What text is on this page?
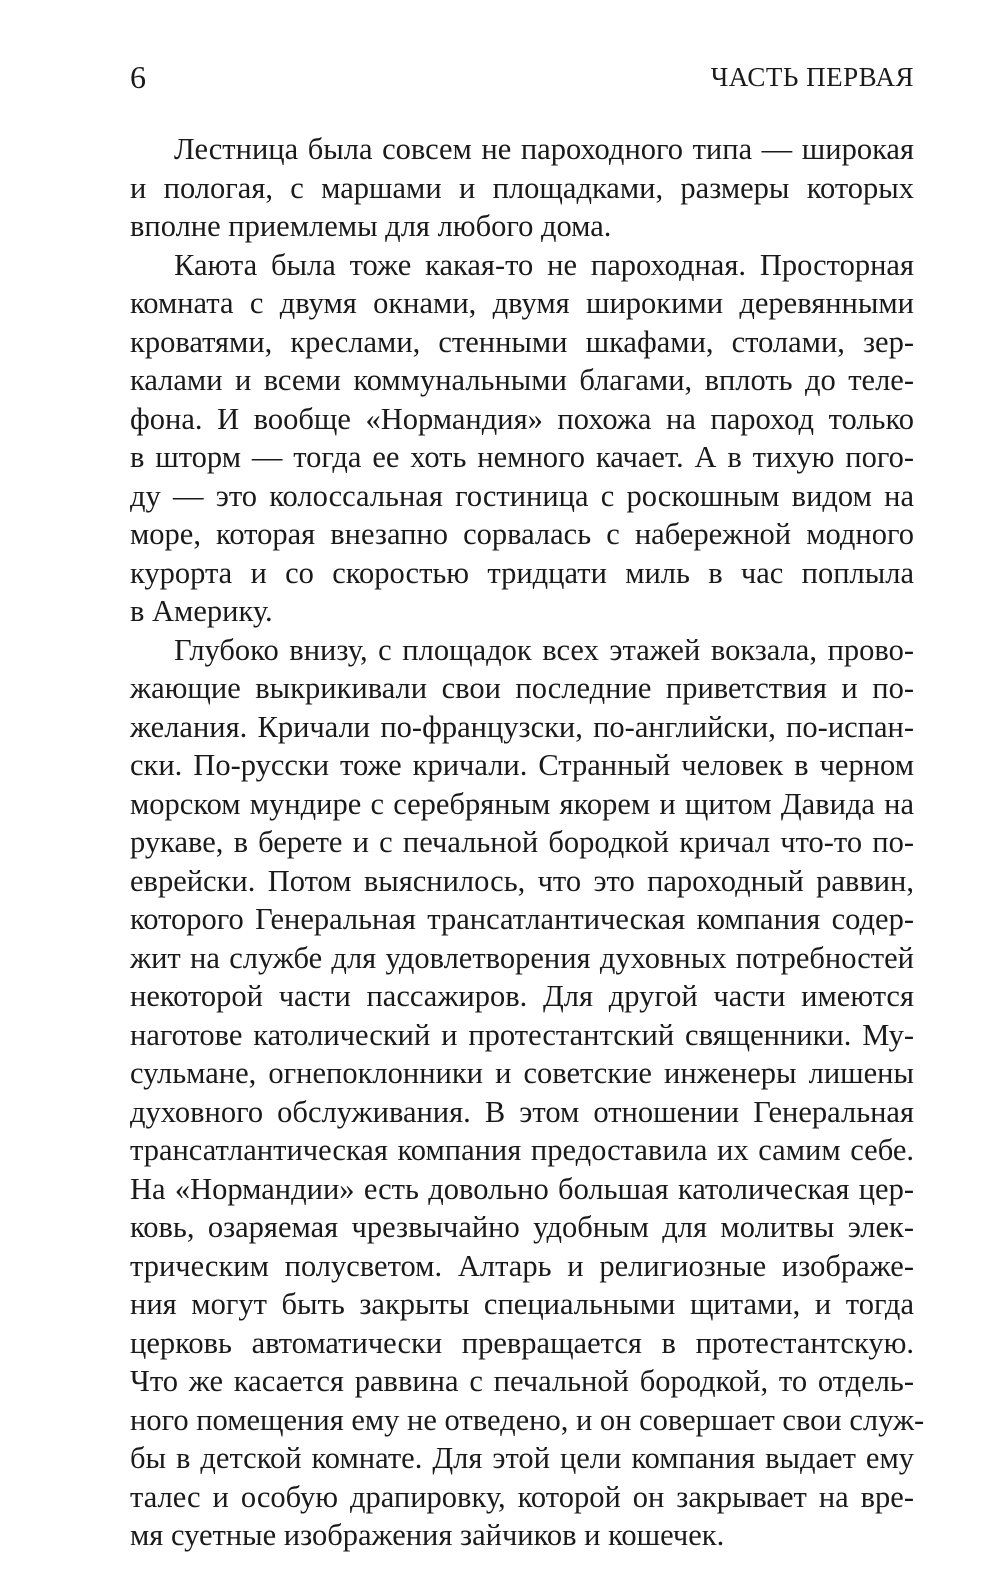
6	ЧАСТЬ ПЕРВАЯ

Лестница была совсем не пароходного типа — широкая
и пологая, с маршами и площадками, размеры которых
вполне приемлемы для любого дома.

Каюта была тоже какая-то не пароходная. Просторная
комната с двумя окнами, двумя широкими деревянными
кроватями, креслами, стенными шкафами, столами, зер-
калами и всеми коммунальными благами, вплоть до теле-
фона. И вообще «Нормандия» похожа на пароход только
в шторм — тогда ее хоть немного качает. А в тихую пого-
ду — это колоссальная гостиница с роскошным видом на
море, которая внезапно сорвалась с набережной модного
курорта и со скоростью тридцати миль в час поплыла
в Америку.

Глубоко внизу, с площадок всех этажей вокзала, прово-
жающие выкрикивали свои последние приветствия и по-
желания. Кричали по-французски, по-английски, по-испан-
ски. По-русски тоже кричали. Странный человек в черном
морском мундире с серебряным якорем и щитом Давида на
рукаве, в берете и с печальной бородкой кричал что-то по-
еврейски. Потом выяснилось, что это пароходный раввин,
которого Генеральная трансатлантическая компания содер-
жит на службе для удовлетворения духовных потребностей
некоторой части пассажиров. Для другой части имеются
наготове католический и протестантский священники. Му-
сульмане, огнепоклонники и советские инженеры лишены
духовного обслуживания. В этом отношении Генеральная
трансатлантическая компания предоставила их самим себе.
На «Нормандии» есть довольно большая католическая цер-
ковь, озаряемая чрезвычайно удобным для молитвы элек-
трическим полусветом. Алтарь и религиозные изображе-
ния могут быть закрыты специальными щитами, и тогда
церковь автоматически превращается в протестантскую.
Что же касается раввина с печальной бородкой, то отдель-
ного помещения ему не отведено, и он совершает свои служ-
бы в детской комнате. Для этой цели компания выдает ему
талес и особую драпировку, которой он закрывает на вре-
мя суетные изображения зайчиков и кошечек.
